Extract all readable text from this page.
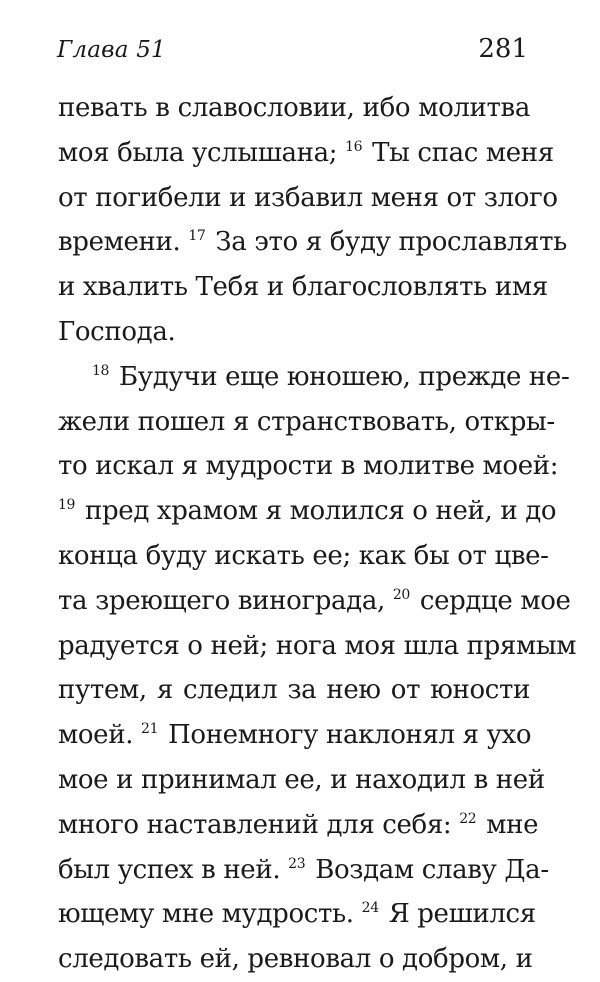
Глава 51	281
певать в славословии, ибо молитва
моя была услышана; $^{16}$ Ты спас меня
от погибели и избавил меня от злого
времени. $^{17}$ За это я буду прославлять
и хвалить Тебя и благословлять имя
Господа.
$^{18}$ Будучи еще юношею, прежде не-
жели пошел я странствовать, откры-
то искал я мудрости в молитве моей:
$^{19}$ пред храмом я молился о ней, и до
конца буду искать ее; как бы от цве-
та зреющего винограда, $^{20}$ сердце мое
радуется о ней; нога моя шла прямым
путем, я следил за нею от юности
моей. $^{21}$ Понемногу наклонял я ухо
мое и принимал ее, и находил в ней
много наставлений для себя: $^{22}$ мне
был успех в ней. $^{23}$ Воздам славу Да-
ющему мне мудрость. $^{24}$ Я решился
следовать ей, ревновал о добром, и
